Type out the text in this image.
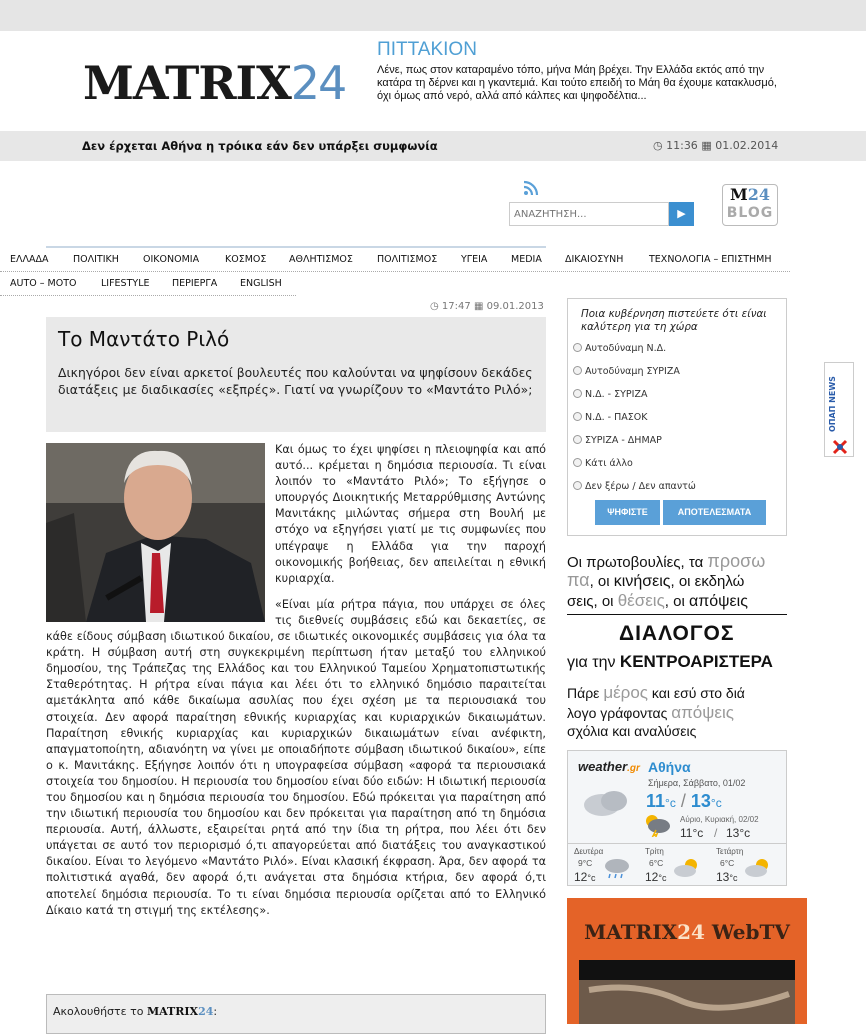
MATRIX24
ΠΙΤΤΑΚΙΟΝ
Λένε, πως στον καταραμένο τόπο, μήνα Μάη βρέχει. Την Ελλάδα εκτός από την κατάρα τη δέρνει και η γκαντεμιά. Και τούτο επειδή το Μάη θα έχουμε κατακλυσμό, όχι όμως από νερό, αλλά από κάλπες και ψηφοδέλτια...
Δεν έρχεται Αθήνα η τρόικα εάν δεν υπάρξει συμφωνία	◷ 11:36 ▦ 01.02.2014
ΑΝΑΖΗΤΗΣΗ...
▶
M24
BLOG
ΕΛΛΑΔΑ	ΠΟΛΙΤΙΚΗ	ΟΙΚΟΝΟΜΙΑ	ΚΟΣΜΟΣ ΑΘΛΗΤΙΣΜΟΣ	ΠΟΛΙΤΙΣΜΟΣ	ΥΓΕΙΑ MEDIA ΔΙΚΑΙΟΣΥΝΗ	ΤΕΧΝΟΛΟΓΙΑ – ΕΠΙΣΤΗΜΗ
AUTO – MOTO	LIFESTYLE ΠΕΡΙΕΡΓΑ ENGLISH
◷ 17:47 ▦ 09.01.2013
Το Μαντάτο Ριλό
Δικηγόροι δεν είναι αρκετοί βουλευτές που καλούνται να ψηφίσουν δεκάδες διατάξεις με διαδικασίες «εξπρές». Γιατί να γνωρίζουν το «Μαντάτο Ριλό»;

Και όμως το έχει ψηφίσει η πλειοψηφία και από αυτό... κρέμεται η δημόσια περιουσία. Τι είναι λοιπόν το «Μαντάτο Ριλό»; Το εξήγησε ο υπουργός Διοικητικής Μεταρρύθμισης Αντώνης Μανιτάκης μιλώντας σήμερα στη Βουλή με στόχο να εξηγήσει γιατί με τις συμφωνίες που υπέγραψε η Ελλάδα για την παροχή οικονομικής βοήθειας, δεν απειλείται η εθνική κυριαρχία.

«Είναι μία ρήτρα πάγια, που υπάρχει σε όλες τις διεθνείς συμβάσεις εδώ και δεκαετίες, σε κάθε είδους σύμβαση ιδιωτικού δικαίου, σε ιδιωτικές οικονομικές συμβάσεις για όλα τα κράτη. Η σύμβαση αυτή στη συγκεκριμένη περίπτωση ήταν μεταξύ του ελληνικού δημοσίου, της Τράπεζας της Ελλάδος και του Ελληνικού Ταμείου Χρηματοπιστωτικής Σταθερότητας. Η ρήτρα είναι πάγια και λέει ότι το ελληνικό δημόσιο παραιτείται αμετάκλητα από κάθε δικαίωμα ασυλίας που έχει σχέση με τα περιουσιακά του στοιχεία. Δεν αφορά παραίτηση εθνικής κυριαρχίας και κυριαρχικών δικαιωμάτων. Παραίτηση εθνικής κυριαρχίας και κυριαρχικών δικαιωμάτων είναι ανέφικτη, απαγματοποίητη, αδιανόητη να γίνει με οποιαδήποτε σύμβαση ιδιωτικού δικαίου», είπε ο κ. Μανιτάκης. Εξήγησε λοιπόν ότι η υπογραφείσα σύμβαση «αφορά τα περιουσιακά στοιχεία του δημοσίου. Η περιουσία του δημοσίου είναι δύο ειδών: Η ιδιωτική περιουσία του δημοσίου και η δημόσια περιουσία του δημοσίου. Εδώ πρόκειται για παραίτηση από την ιδιωτική περιουσία του δημοσίου και δεν πρόκειται για παραίτηση από τη δημόσια περιουσία. Αυτή, άλλωστε, εξαιρείται ρητά από την ίδια τη ρήτρα, που λέει ότι δεν υπάγεται σε αυτό τον περιορισμό ό,τι απαγορεύεται από διατάξεις του αναγκαστικού δικαίου. Είναι το λεγόμενο «Μαντάτο Ριλό». Είναι κλασική έκφραση. Άρα, δεν αφορά τα πολιτιστικά αγαθά, δεν αφορά ό,τι ανάγεται στα δημόσια κτήρια, δεν αφορά ό,τι αποτελεί δημόσια περιουσία. Το τι είναι δημόσια περιουσία ορίζεται από το Ελληνικό Δίκαιο κατά τη στιγμή της εκτέλεσης».

Ακολουθήστε το MATRIX24:
Ποια κυβέρνηση πιστεύετε ότι είναι καλύτερη για τη χώρα
Αυτοδύναμη Ν.Δ.
Αυτοδύναμη ΣΥΡΙΖΑ
Ν.Δ. - ΣΥΡΙΖΑ
Ν.Δ. - ΠΑΣΟΚ
ΣΥΡΙΖΑ - ΔΗΜΑΡ
Κάτι άλλο
Δεν ξέρω / Δεν απαντώ
ΨΗΦΙΣΤΕ	ΑΠΟΤΕΛΕΣΜΑΤΑ
Οι πρωτοβουλίες, τα προσω
πα, οι κινήσεις, οι εκδηλώ
σεις, οι θέσεις, οι απόψεις
ΔΙΑΛΟΓΟΣ
για την ΚΕΝΤΡΟΑΡΙΣΤΕΡΑ
Πάρε μέρος και εσύ στο διά
λογο γράφοντας απόψεις
σχόλια και αναλύσεις
weather.gr Αθήνα
Σήμερα, Σάββατο, 01/02
11°c / 13°c
Αύριο, Κυριακή, 02/02
11°c / 13°c
Δευτέρα
9°C
12°c
Τρίτη
6°C
12°c
Τετάρτη
6°C
13°c
MATRIX24 WebTV
ΟΠΑΠ NEWS
